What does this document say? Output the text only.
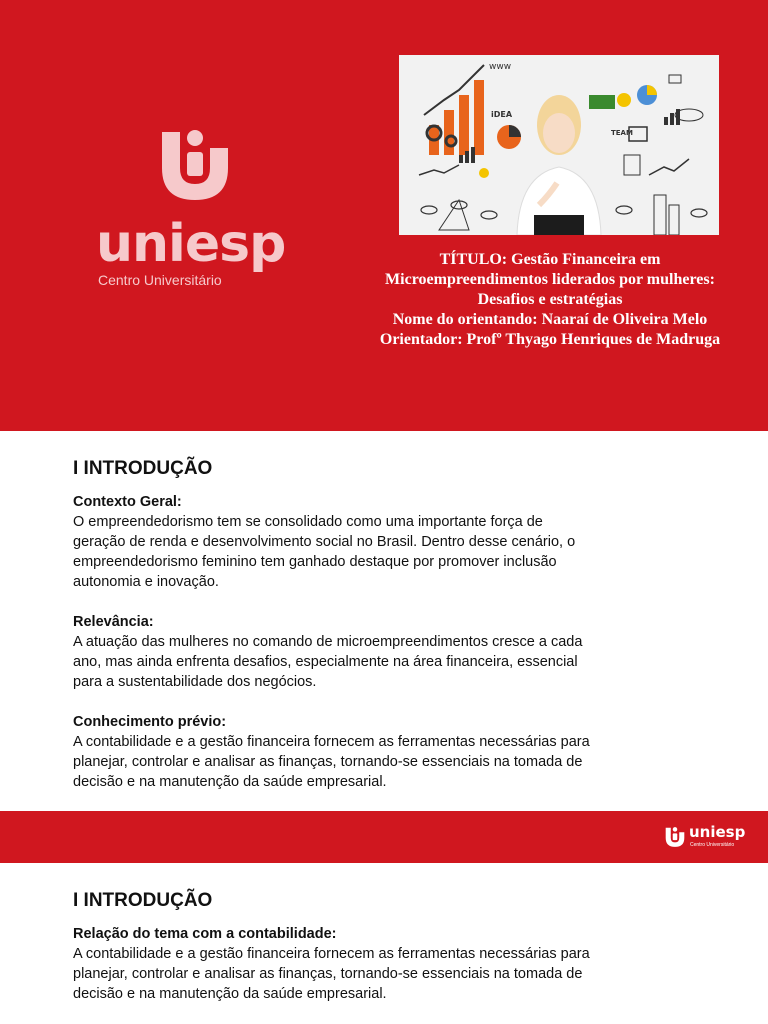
uniesp
Centro Universitário
www
iDEA
TEAM
TÍTULO: Gestão Financeira em
Microempreendimentos liderados por mulheres:
Desafios e estratégias
Nome do orientando: Naaraí de Oliveira Melo
Orientador: Profº Thyago Henriques de Madruga
I INTRODUÇÃO
Contexto Geral:
O empreendedorismo tem se consolidado como uma importante força de
geração de renda e desenvolvimento social no Brasil. Dentro desse cenário, o
empreendedorismo feminino tem ganhado destaque por promover inclusão
autonomia e inovação.
Relevância:
A atuação das mulheres no comando de microempreendimentos cresce a cada
ano, mas ainda enfrenta desafios, especialmente na área financeira, essencial
para a sustentabilidade dos negócios.
Conhecimento prévio:
A contabilidade e a gestão financeira fornecem as ferramentas necessárias para
planejar, controlar e analisar as finanças, tornando-se essenciais na tomada de
decisão e na manutenção da saúde empresarial.
uniesp
Centro Universitário
I INTRODUÇÃO
Relação do tema com a contabilidade:
A contabilidade e a gestão financeira fornecem as ferramentas necessárias para
planejar, controlar e analisar as finanças, tornando-se essenciais na tomada de
decisão e na manutenção da saúde empresarial.
